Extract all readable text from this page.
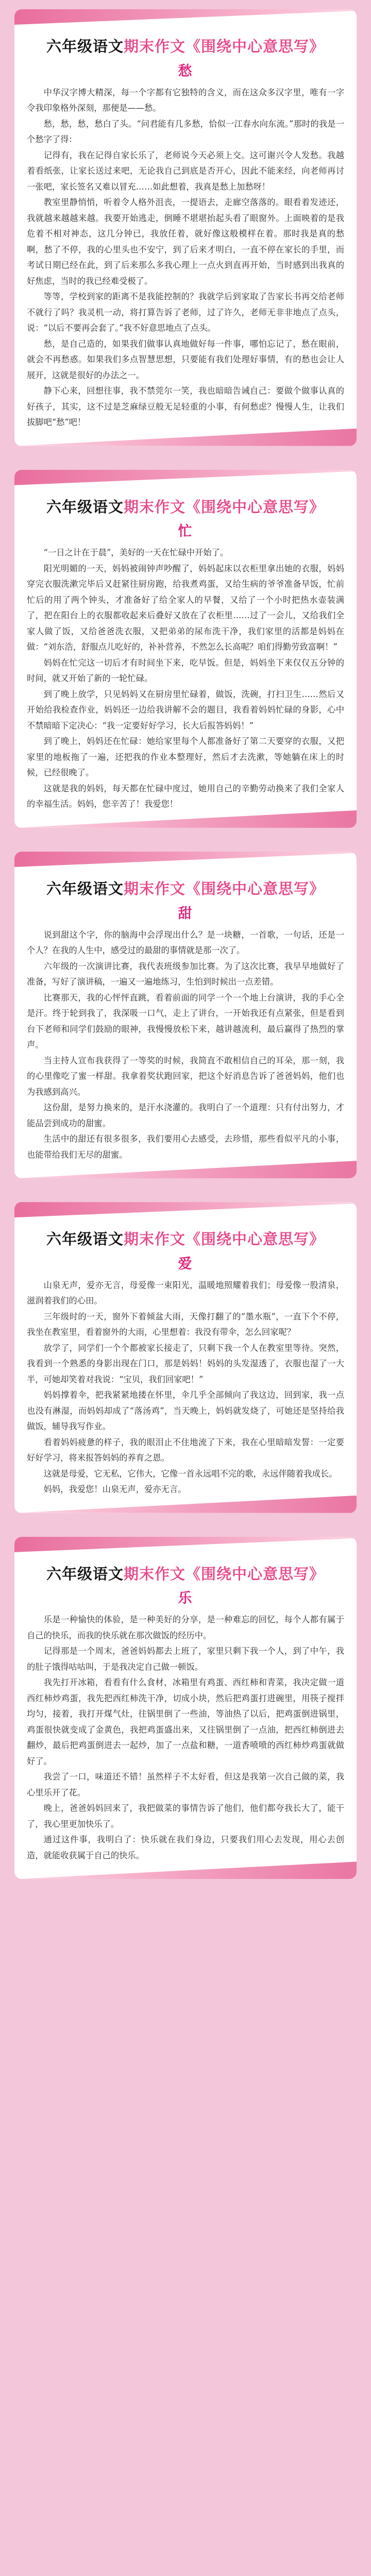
六年级语文期末作文《围绕中心意思写》
愁

中华汉字博大精深，每一个字都有它独特的含义，而在这众多汉字里，唯有一字令我印象格外深刻，那便是——愁。

愁，愁，愁，愁白了头。“问君能有几多愁，恰似一江春水向东流。”那时的我是一个愁字了得：

记得有，我在记得自家长乐了，老师说今天必须上交。这可谢兴令人发愁。我越着看纸张，让家长送过来吧，无论我自己到底是否开心，因此不能来经，向老师再讨一张吧，家长签名又难以冒充……如此想着，我真是愁上加愁呀！

教室里静悄悄，听着令人格外沮丧，一提语去，走廊空落落的。眼看着发迹还，我就越来越越来越。我要开始逃走，倒睡不堪堪抬起头看了眼窗外。上面映着的是我危着不相对神态，这几分钟已，我放任着，就好像这般模样在着。那时我是真的愁啊，愁了不停，我的心里头也不安宁，到了后来才明白，一直不停在家长的手里，而考试日期已经在此，到了后来那么多我心理上一点火到直再开始，当时感到出我真的好焦虑，当时的我已经难受极了。

等等，学校到家的距离不是我能控制的？我就学后到家取了告家长书再交给老师不就行了吗？我灵机一动，将打算告诉了老师，过了许久，老师无非非地点了点头，说：“以后不要再会套了。”我不好意思地点了点头。

愁，是自己造的，如果我们做事认真地做好每一件事，哪怕忘记了，愁在眼前，就会不再愁惑。如果我们多点智慧思想，只要能有我们处理好事情，有的愁也会让人展开，这就是很好的办法之一。

静下心来，回想往事，我不禁莞尔一笑，我也暗暗告诫自己：要做个做事认真的好孩子，其实，这不过是芝麻绿豆般无足轻重的小事，有何愁虑？慢慢人生，让我们拔脚吧“愁”吧！

六年级语文期末作文《围绕中心意思写》
忙

“一日之计在于晨”，美好的一天在忙碌中开始了。

阳光明媚的一天，妈妈被闹钟声吵醒了，妈妈起床以衣柜里拿出她的衣服，妈妈穿完衣服洗漱完毕后又赶紧往厨房跑，给我煮鸡蛋，又给生病的爷爷准备早饭，忙前忙后的用了两个钟头，才准备好了给全家人的早餐，又给了一个小时把热水壶装满了，把在阳台上的衣服都收起来后叠好又放在了衣柜里……过了一会儿，又给我们全家人做了饭，又给爸爸洗衣服，又把弟弟的尿布洗干净，我们家里的活都是妈妈在做：“刘东浩，舒服点儿吃好的，补补营养，不然怎么长高呢？咱们得勤劳致富啊！”

妈妈在忙完这一切后才有时间坐下来，吃早饭。但是，妈妈坐下来仅仅五分钟的时间，就又开始了新的一轮忙碌。

到了晚上放学，只见妈妈又在厨房里忙碌着，做饭，洗碗，打扫卫生……然后又开始给我检查作业，妈妈还一边给我讲解不会的题目，我看着妈妈忙碌的身影，心中不禁暗暗下定决心：“我一定要好好学习，长大后报答妈妈！”

到了晚上，妈妈还在忙碌：她给家里每个人都准备好了第二天要穿的衣服，又把家里的地板拖了一遍，还把我的作业本整理好，然后才去洗漱，等她躺在床上的时候，已经很晚了。

这就是我的妈妈，每天都在忙碌中度过，她用自己的辛勤劳动换来了我们全家人的幸福生活。妈妈，您辛苦了！我爱您！

六年级语文期末作文《围绕中心意思写》
甜

说到甜这个字，你的脑海中会浮现出什么？是一块糖，一首歌，一句话，还是一个人？在我的人生中，感受过的最甜的事情就是那一次了。

六年级的一次演讲比赛，我代表班级参加比赛。为了这次比赛，我早早地做好了准备，写好了演讲稿，一遍又一遍地练习，生怕到时候出一点差错。

比赛那天，我的心怦怦直跳，看着前面的同学一个一个地上台演讲，我的手心全是汗。终于轮到我了，我深吸一口气，走上了讲台，一开始我还有点紧张，但是看到台下老师和同学们鼓励的眼神，我慢慢放松下来，越讲越流利，最后赢得了热烈的掌声。

当主持人宣布我获得了一等奖的时候，我简直不敢相信自己的耳朵，那一刻，我的心里像吃了蜜一样甜。我拿着奖状跑回家，把这个好消息告诉了爸爸妈妈，他们也为我感到高兴。

这份甜，是努力换来的，是汗水浇灌的。我明白了一个道理：只有付出努力，才能品尝到成功的甜蜜。

生活中的甜还有很多很多，我们要用心去感受，去珍惜，那些看似平凡的小事，也能带给我们无尽的甜蜜。

六年级语文期末作文《围绕中心意思写》
爱

山泉无声，爱亦无言，母爱像一束阳光，温暖地照耀着我们；母爱像一股清泉，滋润着我们的心田。

三年级时的一天，窗外下着倾盆大雨，天像打翻了的“墨水瓶”，一直下个不停，我坐在教室里，看着窗外的大雨，心里想着：我没有带伞，怎么回家呢？

放学了，同学们一个个都被家长接走了，只剩下我一个人在教室里等待。突然，我看到一个熟悉的身影出现在门口，那是妈妈！妈妈的头发湿透了，衣服也湿了一大半，可她却笑着对我说：“宝贝，我们回家吧！”

妈妈撑着伞，把我紧紧地搂在怀里，伞几乎全部倾向了我这边，回到家，我一点也没有淋湿，而妈妈却成了“落汤鸡”，当天晚上，妈妈就发烧了，可她还是坚持给我做饭，辅导我写作业。

看着妈妈疲惫的样子，我的眼泪止不住地流了下来，我在心里暗暗发誓：一定要好好学习，将来报答妈妈的养育之恩。

这就是母爱，它无私，它伟大，它像一首永远唱不完的歌，永远伴随着我成长。

妈妈，我爱您！山泉无声，爱亦无言。

六年级语文期末作文《围绕中心意思写》
乐

乐是一种愉快的体验，是一种美好的分享，是一种难忘的回忆，每个人都有属于自己的快乐，而我的快乐就在那次做饭的经历中。

记得那是一个周末，爸爸妈妈都去上班了，家里只剩下我一个人，到了中午，我的肚子饿得咕咕叫，于是我决定自己做一顿饭。

我先打开冰箱，看看有什么食材，冰箱里有鸡蛋、西红柿和青菜，我决定做一道西红柿炒鸡蛋，我先把西红柿洗干净，切成小块，然后把鸡蛋打进碗里，用筷子搅拌均匀，接着，我打开煤气灶，往锅里倒了一些油，等油热了以后，把鸡蛋倒进锅里，鸡蛋很快就变成了金黄色，我把鸡蛋盛出来，又往锅里倒了一点油，把西红柿倒进去翻炒，最后把鸡蛋倒进去一起炒，加了一点盐和糖，一道香喷喷的西红柿炒鸡蛋就做好了。

我尝了一口，味道还不错！虽然样子不太好看，但这是我第一次自己做的菜，我心里乐开了花。

晚上，爸爸妈妈回来了，我把做菜的事情告诉了他们，他们都夸我长大了，能干了，我心里更加快乐了。

通过这件事，我明白了：快乐就在我们身边，只要我们用心去发现，用心去创造，就能收获属于自己的快乐。
